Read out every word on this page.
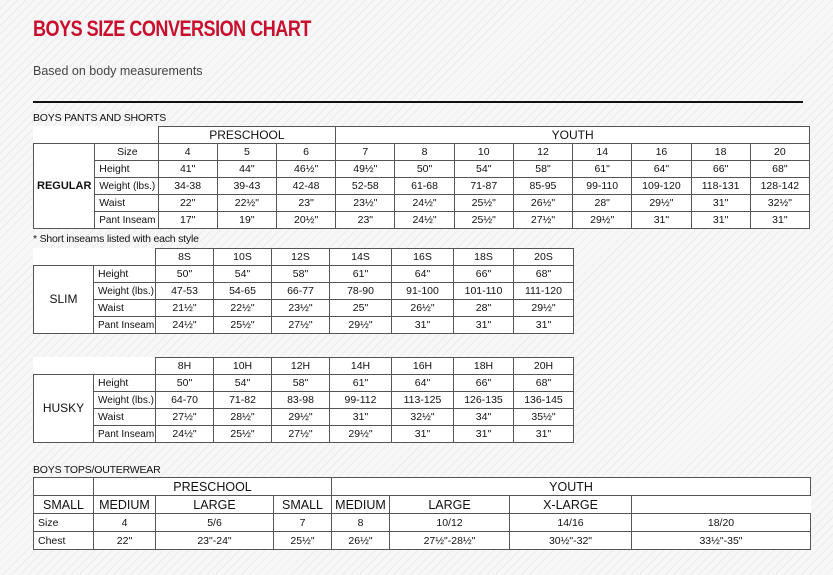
BOYS SIZE CONVERSION CHART
Based on body measurements
BOYS PANTS AND SHORTS
		PRESCHOOL			YOUTH							
REGULAR	Size	4	5	6	7	8	10	12	14	16	18	20
	Height	41"	44"	46½"	49½"	50"	54"	58"	61"	64"	66"	68"
	Weight (lbs.)	34-38	39-43	42-48	52-58	61-68	71-87	85-95	99-110	109-120	118-131	128-142
	Waist	22"	22½"	23"	23½"	24½"	25½"	26½"	28"	29½"	31"	32½"
	Pant Inseam	17"	19"	20½"	23"	24½"	25½"	27½"	29½"	31"	31"	31"
* Short inseams listed with each style
		8S	10S	12S	14S	16S	18S	20S
SLIM	Height	50"	54"	58"	61"	64"	66"	68"
	Weight (lbs.)	47-53	54-65	66-77	78-90	91-100	101-110	111-120
	Waist	21½"	22½"	23½"	25"	26½"	28"	29½"
	Pant Inseam	24½"	25½"	27½"	29½"	31"	31"	31"
		8H	10H	12H	14H	16H	18H	20H
HUSKY	Height	50"	54"	58"	61"	64"	66"	68"
	Weight (lbs.)	64-70	71-82	83-98	99-112	113-125	126-135	136-145
	Waist	27½"	28½"	29½"	31"	32½"	34"	35½"
	Pant Inseam	24½"	25½"	27½"	29½"	31"	31"	31"
BOYS TOPS/OUTERWEAR
	PRESCHOOL			YOUTH			
SMALL	MEDIUM	LARGE	SMALL	MEDIUM	LARGE	X-LARGE	
Size	4	5/6	7	8	10/12	14/16	18/20
Chest	22"	23"-24"	25½"	26½"	27½"-28½"	30½"-32"	33½"-35"
